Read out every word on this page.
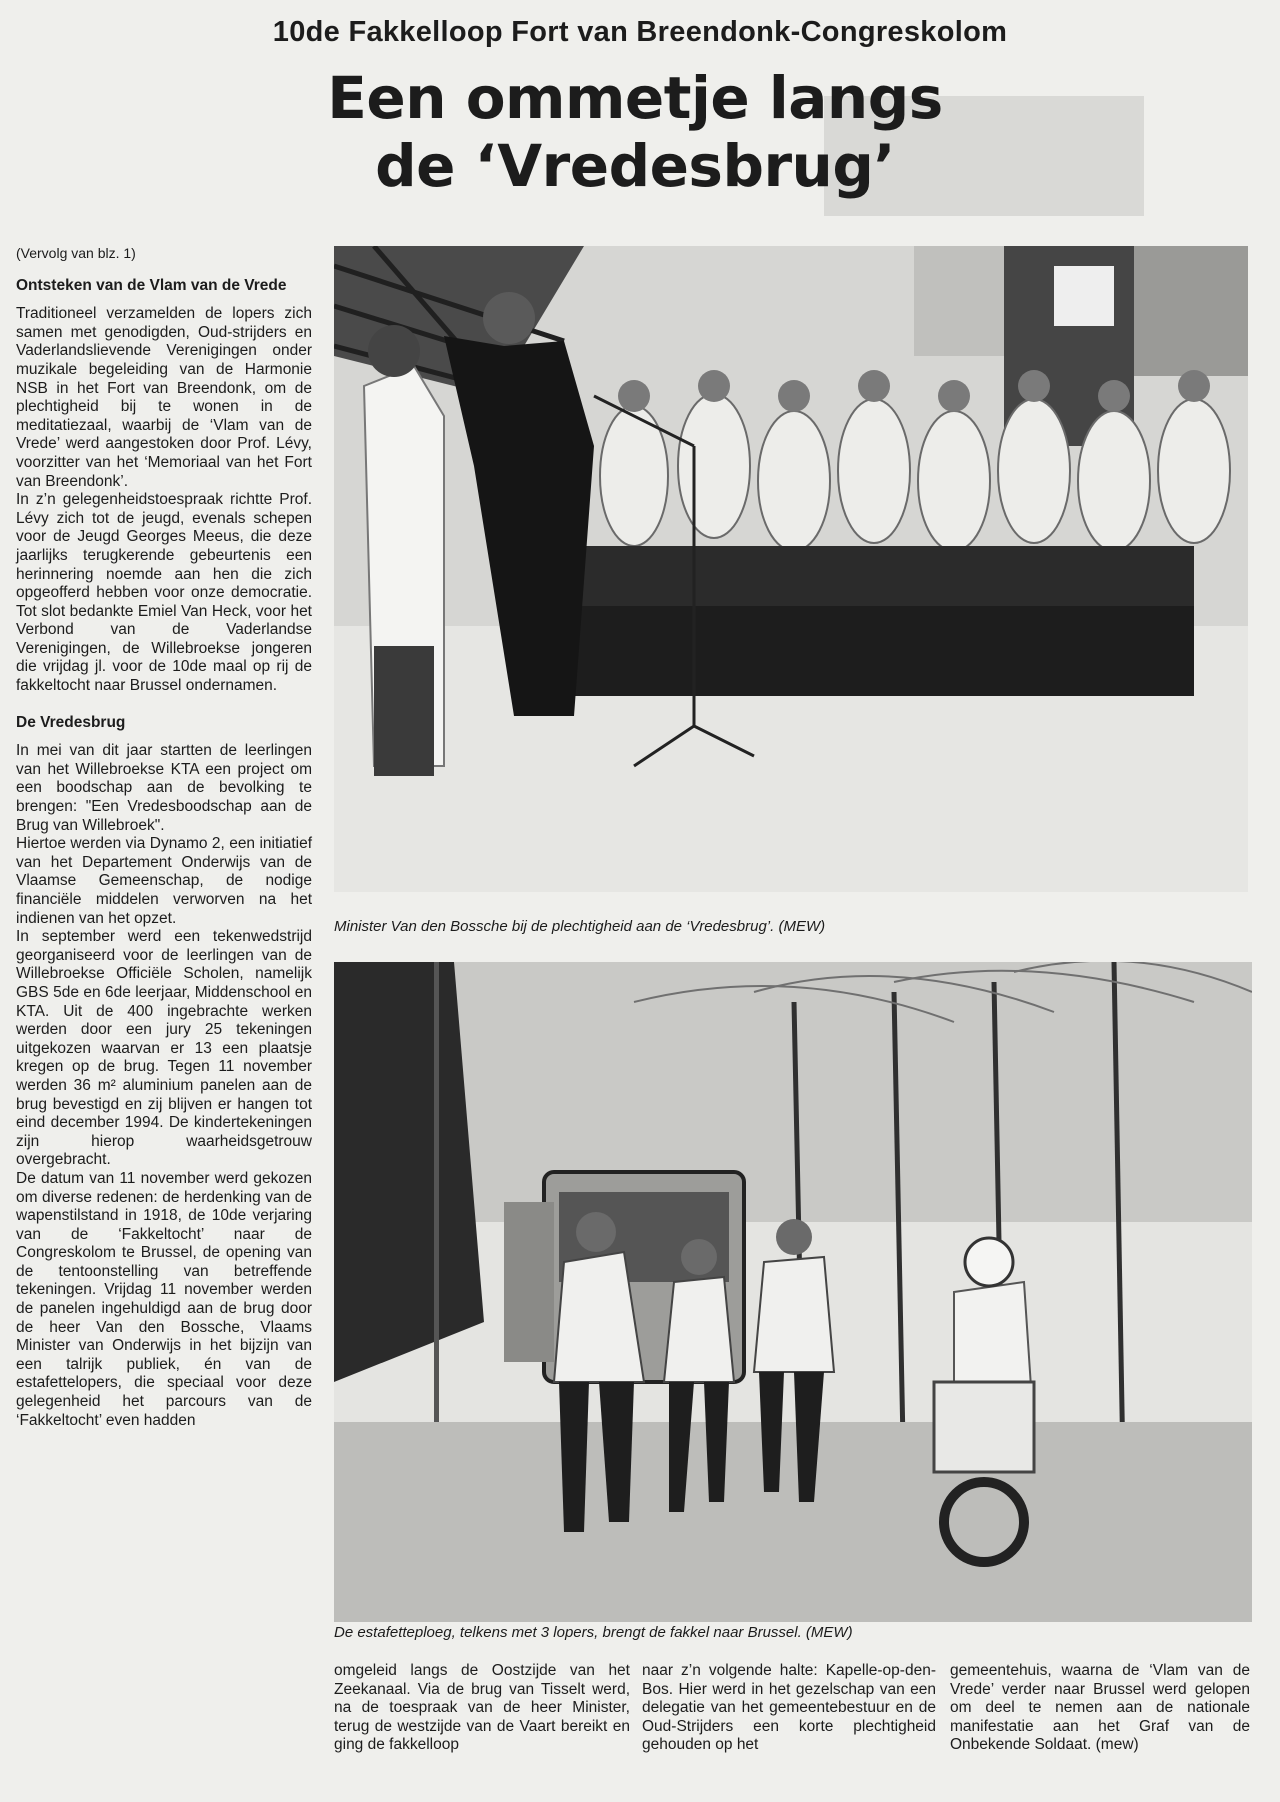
10de Fakkelloop Fort van Breendonk-Congreskolom
Een ommetje langs
de ‘Vredesbrug’

(Vervolg van blz. 1)

Ontsteken van de Vlam van de Vrede

Traditioneel verzamelden de lopers zich samen met genodigden, Oud-strijders en Vaderlandslievende Verenigingen onder muzikale begeleiding van de Harmonie NSB in het Fort van Breendonk, om de plechtigheid bij te wonen in de meditatiezaal, waarbij de ‘Vlam van de Vrede’ werd aangestoken door Prof. Lévy, voorzitter van het ‘Memoriaal van het Fort van Breendonk’.

In z’n gelegenheidstoespraak richtte Prof. Lévy zich tot de jeugd, evenals schepen voor de Jeugd Georges Meeus, die deze jaarlijks terugkerende gebeurtenis een herinnering noemde aan hen die zich opgeofferd hebben voor onze democratie. Tot slot bedankte Emiel Van Heck, voor het Verbond van de Vaderlandse Verenigingen, de Willebroekse jongeren die vrijdag jl. voor de 10de maal op rij de fakkeltocht naar Brussel ondernamen.

De Vredesbrug

In mei van dit jaar startten de leerlingen van het Willebroekse KTA een project om een boodschap aan de bevolking te brengen: "Een Vredesboodschap aan de Brug van Willebroek".

Hiertoe werden via Dynamo 2, een initiatief van het Departement Onderwijs van de Vlaamse Gemeenschap, de nodige financiële middelen verworven na het indienen van het opzet.

In september werd een tekenwedstrijd georganiseerd voor de leerlingen van de Willebroekse Officiële Scholen, namelijk GBS 5de en 6de leerjaar, Middenschool en KTA. Uit de 400 ingebrachte werken werden door een jury 25 tekeningen uitgekozen waarvan er 13 een plaatsje kregen op de brug. Tegen 11 november werden 36 m² aluminium panelen aan de brug bevestigd en zij blijven er hangen tot eind december 1994. De kindertekeningen zijn hierop waarheidsgetrouw overgebracht.

De datum van 11 november werd gekozen om diverse redenen: de herdenking van de wapenstilstand in 1918, de 10de verjaring van de ‘Fakkeltocht’ naar de Congreskolom te Brussel, de opening van de tentoonstelling van betreffende tekeningen. Vrijdag 11 november werden de panelen ingehuldigd aan de brug door de heer Van den Bossche, Vlaams Minister van Onderwijs in het bijzijn van een talrijk publiek, én van de estafettelopers, die speciaal voor deze gelegenheid het parcours van de ‘Fakkeltocht’ even hadden

Minister Van den Bossche bij de plechtigheid aan de ‘Vredesbrug’. (MEW)
De estafetteploeg, telkens met 3 lopers, brengt de fakkel naar Brussel. (MEW)
omgeleid langs de Oostzijde van het Zeekanaal. Via de brug van Tisselt werd, na de toespraak van de heer Minister, terug de westzijde van de Vaart bereikt en ging de fakkelloop
naar z’n volgende halte: Kapelle-op-den-Bos. Hier werd in het gezelschap van een delegatie van het gemeentebestuur en de Oud-Strijders een korte plechtigheid gehouden op het
gemeentehuis, waarna de ‘Vlam van de Vrede’ verder naar Brussel werd gelopen om deel te nemen aan de nationale manifestatie aan het Graf van de Onbekende Soldaat. (mew)
